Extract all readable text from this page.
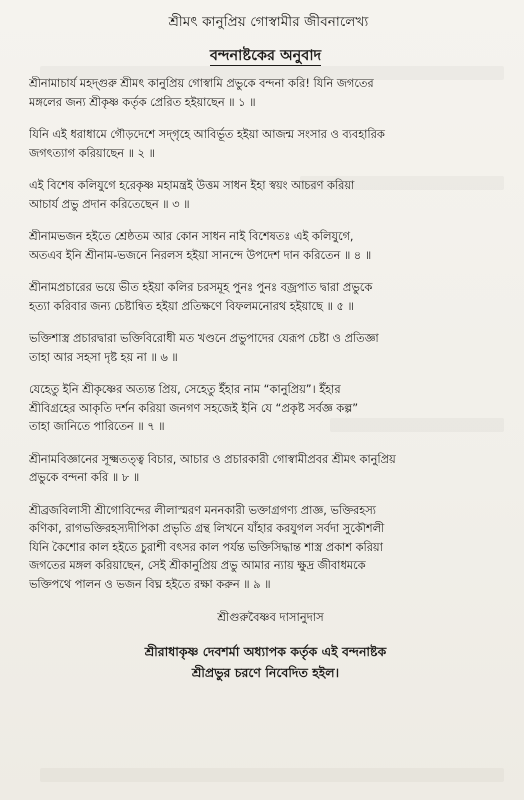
শ্রীমৎ কানুপ্রিয় গোস্বামীর জীবনালেখ্য
বন্দনাষ্টকের অনুবাদ
শ্রীনামাচার্য মহদ্‌গুরু শ্রীমৎ কানুপ্রিয় গোস্বামি প্রভুকে বন্দনা করি! যিনি জগতের
মঙ্গলের জন্য শ্রীকৃষ্ণ কর্তৃক প্রেরিত হইয়াছেন ॥ ১ ॥
যিনি এই ধরাধামে গৌড়দেশে সদ্‌গৃহে আবির্ভূত হইয়া আজন্ম সংসার ও ব্যবহারিক
জগৎত্যাগ করিয়াছেন ॥ ২ ॥
এই বিশেষ কলিযুগে হরেকৃষ্ণ মহামন্ত্রই উত্তম সাধন ইহা স্বয়ং আচরণ করিয়া
আচার্য প্রভু প্রদান করিতেছেন ॥ ৩ ॥
শ্রীনামভজন হইতে শ্রেষ্ঠতম আর কোন সাধন নাই বিশেষতঃ এই কলিযুগে,
অতএব ইনি শ্রীনাম-ভজনে নিরলস হইয়া সানন্দে উপদেশ দান করিতেন ॥ ৪ ॥
শ্রীনামপ্রচারের ভয়ে ভীত হইয়া কলির চরসমূহ পুনঃ পুনঃ বজ্রপাত দ্বারা প্রভুকে
হত্যা করিবার জন্য চেষ্টান্বিত হইয়া প্রতিক্ষণে বিফলমনোরথ হইয়াছে ॥ ৫ ॥
ভক্তিশাস্ত্র প্রচারদ্বারা ভক্তিবিরোধী মত খণ্ডনে প্রভুপাদের যেরূপ চেষ্টা ও প্রতিজ্ঞা
তাহা আর সহসা দৃষ্ট হয় না ॥ ৬ ॥
যেহেতু ইনি শ্রীকৃষ্ণের অত্যন্ত প্রিয়, সেহেতু ইঁহার নাম “কানুপ্রিয়”। ইঁহার
শ্রীবিগ্রহের আকৃতি দর্শন করিয়া জনগণ সহজেই ইনি যে “প্রকৃষ্ট সর্বজ্ঞ কল্প”
তাহা জানিতে পারিতেন ॥ ৭ ॥
শ্রীনামবিজ্ঞানের সূক্ষ্মতত্ত্ব বিচার, আচার ও প্রচারকারী গোস্বামীপ্রবর শ্রীমৎ কানুপ্রিয়
প্রভুকে বন্দনা করি ॥ ৮ ॥
শ্রীব্রজবিলাসী শ্রীগোবিন্দের লীলাস্মরণ মননকারী ভক্তাগ্রগণ্য প্রাজ্ঞ, ভক্তিরহস্য
কণিকা, রাগভক্তিরহস্যদীপিকা প্রভৃতি গ্রন্থ লিখনে যাঁহার করযুগল সর্বদা সুকৌশলী
যিনি কৈশোর কাল হইতে চুরাশী বৎসর কাল পর্যন্ত ভক্তিসিদ্ধান্ত শাস্ত্র প্রকাশ করিয়া
জগতের মঙ্গল করিয়াছেন, সেই শ্রীকানুপ্রিয় প্রভু আমার ন্যায় ক্ষুদ্র জীবাধমকে
ভক্তিপথে পালন ও ভজন বিঘ্ন হইতে রক্ষা করুন ॥ ৯ ॥
শ্রীগুরুবৈষ্ণব দাসানুদাস
শ্রীরাধাকৃষ্ণ দেবশর্মা অধ্যাপক কর্তৃক এই বন্দনাষ্টক
শ্রীপ্রভুর চরণে নিবেদিত হইল।
